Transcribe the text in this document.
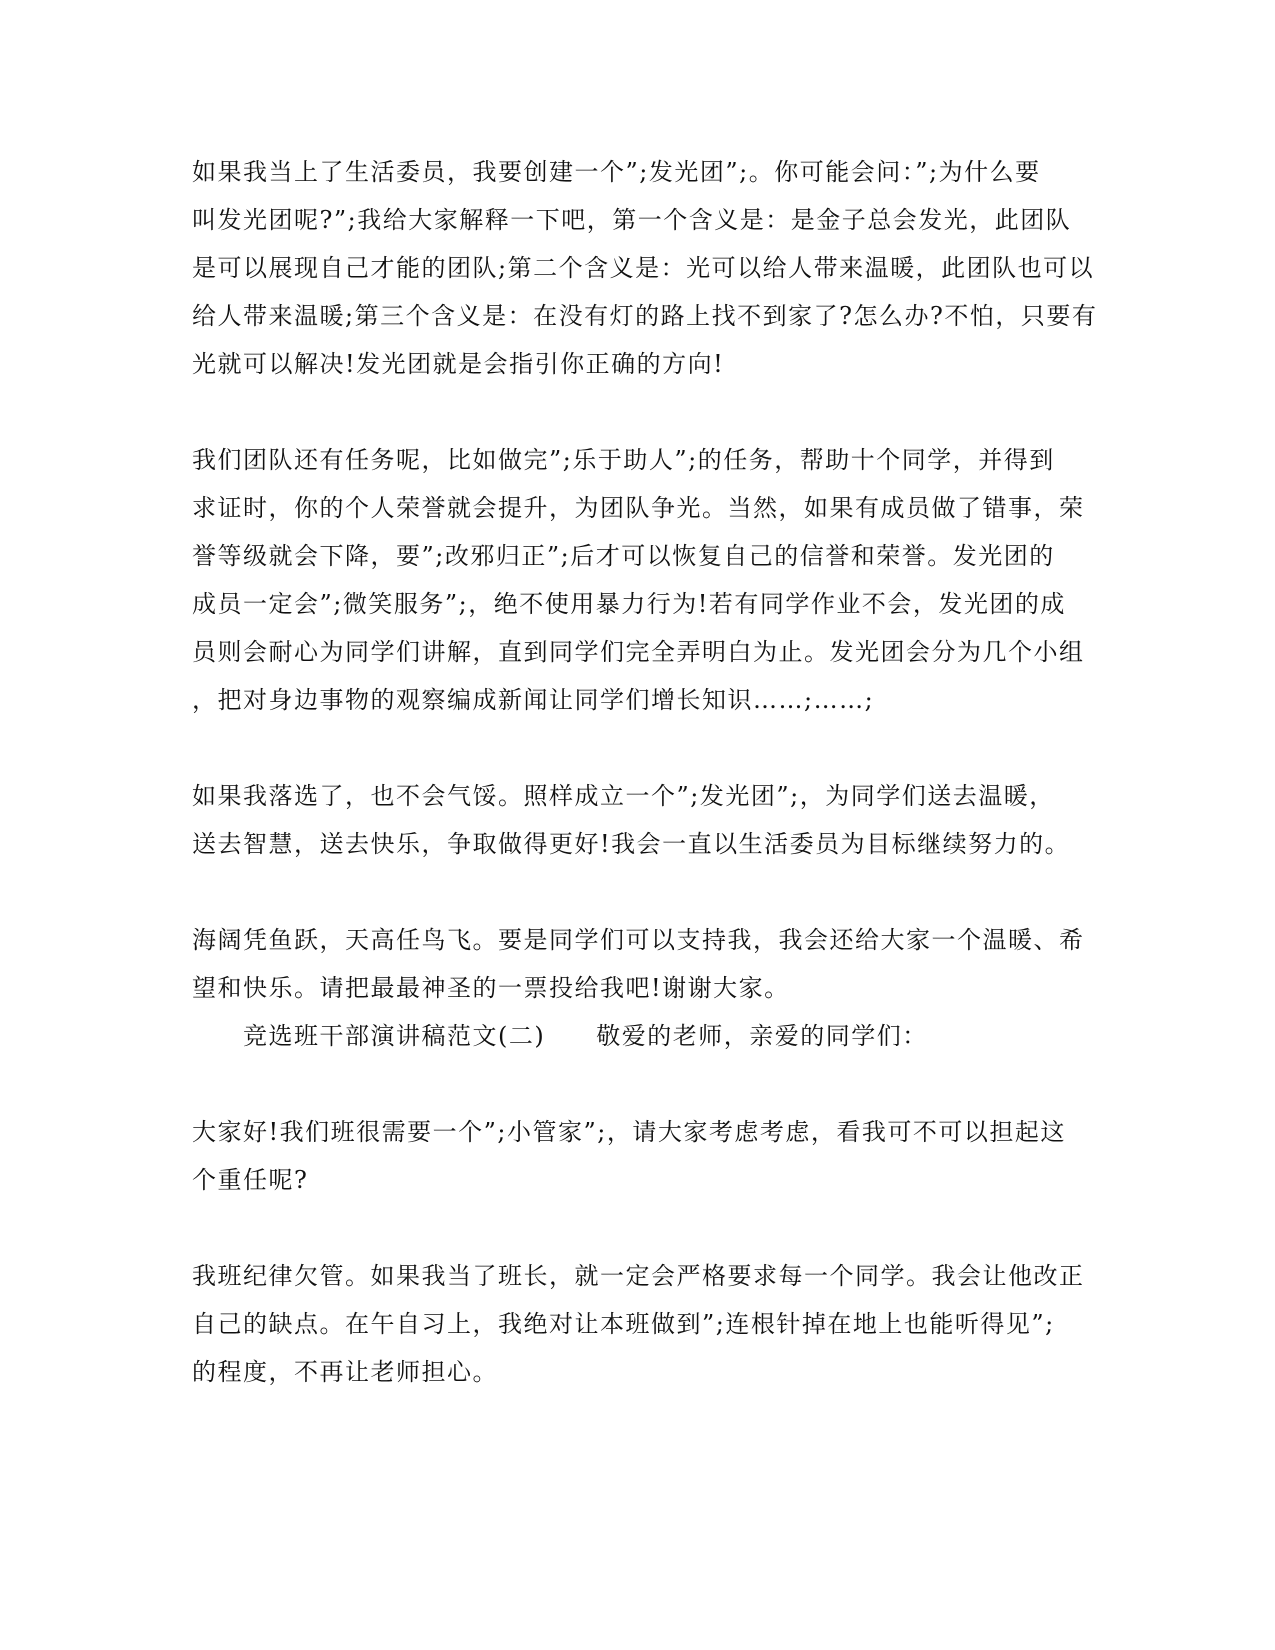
如果我当上了生活委员，我要创建一个”;发光团”;。你可能会问：”;为什么要
叫发光团呢?”;我给大家解释一下吧，第一个含义是：是金子总会发光，此团队
是可以展现自己才能的团队;第二个含义是：光可以给人带来温暖，此团队也可以
给人带来温暖;第三个含义是：在没有灯的路上找不到家了?怎么办?不怕，只要有
光就可以解决!发光团就是会指引你正确的方向!
我们团队还有任务呢，比如做完”;乐于助人”;的任务，帮助十个同学，并得到
求证时，你的个人荣誉就会提升，为团队争光。当然，如果有成员做了错事，荣
誉等级就会下降，要”;改邪归正”;后才可以恢复自己的信誉和荣誉。发光团的
成员一定会”;微笑服务”;，绝不使用暴力行为!若有同学作业不会，发光团的成
员则会耐心为同学们讲解，直到同学们完全弄明白为止。发光团会分为几个小组
，把对身边事物的观察编成新闻让同学们增长知识……;……;
如果我落选了，也不会气馁。照样成立一个”;发光团”;，为同学们送去温暖，
送去智慧，送去快乐，争取做得更好!我会一直以生活委员为目标继续努力的。
海阔凭鱼跃，天高任鸟飞。要是同学们可以支持我，我会还给大家一个温暖、希
望和快乐。请把最最神圣的一票投给我吧!谢谢大家。
　　竞选班干部演讲稿范文(二)　　敬爱的老师，亲爱的同学们：
大家好!我们班很需要一个”;小管家”;，请大家考虑考虑，看我可不可以担起这
个重任呢?
我班纪律欠管。如果我当了班长，就一定会严格要求每一个同学。我会让他改正
自己的缺点。在午自习上，我绝对让本班做到”;连根针掉在地上也能听得见”;
的程度，不再让老师担心。
